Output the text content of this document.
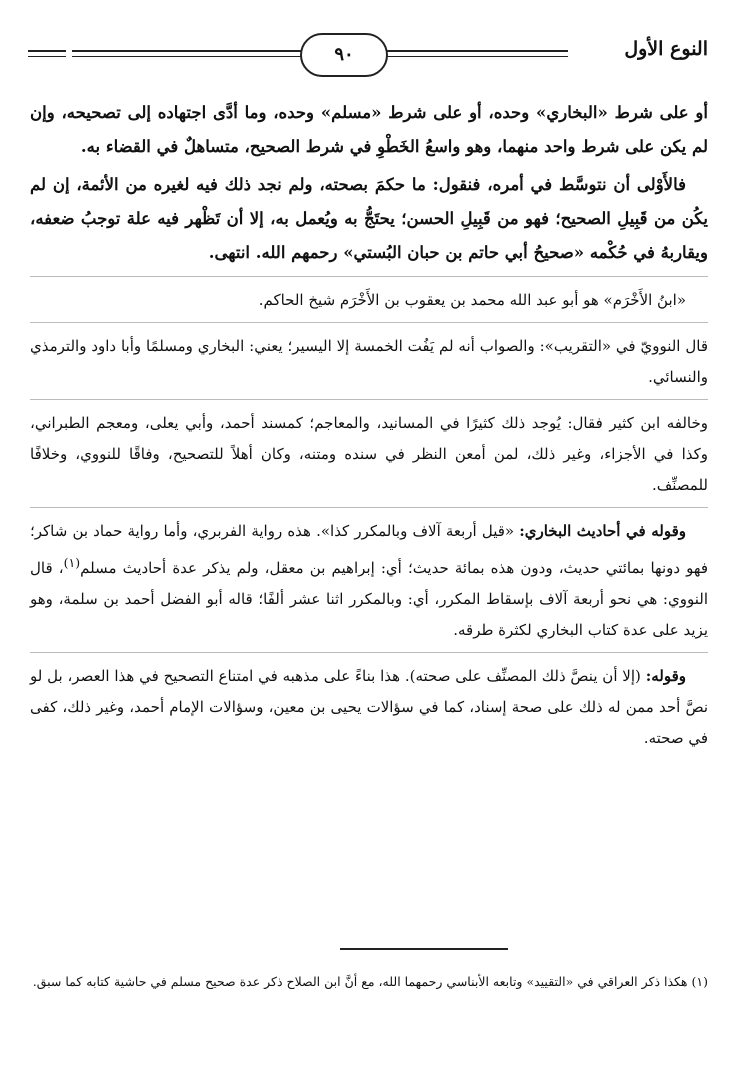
٩٠	النوع الأول

أو على شرط «البخاري» وحده، أو على شرط «مسلم» وحده، وما أدَّى اجتهاده إلى تصحيحه، وإن لم يكن على شرط واحد منهما، وهو واسعُ الخَطْوِ في شرط الصحيح، متساهلٌ في القضاء به.

فالأَوْلى أن نتوسَّط في أمره، فنقول: ما حكمَ بصحته، ولم نجد ذلك فيه لغيره من الأئمة، إن لم يكُن من قَبِيلِ الصحيح؛ فهو من قَبِيلِ الحسن؛ يحتَجُّ به ويُعمل به، إلا أن تَظْهر فيه علة توجبُ ضعفه، ويقاربهُ في حُكْمه «صحيحُ أبي حاتم بن حبان البُستي» رحمهم الله. انتهى.

«ابنُ الأَخْرَم» هو أبو عبد الله محمد بن يعقوب بن الأَخْرَم شيخ الحاكم.

قال النوويّ في «التقريب»: والصواب أنه لم يَفُت الخمسة إلا اليسير؛ يعني: البخاري ومسلمًا وأبا داود والترمذي والنسائي.

وخالفه ابن كثير فقال: يُوجد ذلك كثيرًا في المسانيد، والمعاجم؛ كمسند أحمد، وأبي يعلى، ومعجم الطبراني، وكذا في الأجزاء، وغير ذلك، لمن أمعن النظر في سنده ومتنه، وكان أهلاً للتصحيح، وفاقًا للنووي، وخلافًا للمصنِّف.

وقوله في أحاديث البخاري: «قيل أربعة آلاف وبالمكرر كذا». هذه رواية الفربري، وأما رواية حماد بن شاكر؛ فهو دونها بمائتي حديث، ودون هذه بمائة حديث؛ أي: إبراهيم بن معقل، ولم يذكر عدة أحاديث مسلم$^{(١)}$، قال النووي: هي نحو أربعة آلاف بإسقاط المكرر، أي: وبالمكرر اثنا عشر ألفًا؛ قاله أبو الفضل أحمد بن سلمة، وهو يزيد على عدة كتاب البخاري لكثرة طرقه.

وقوله: (إلا أن ينصَّ ذلك المصنِّف على صحته). هذا بناءً على مذهبه في امتناع التصحيح في هذا العصر، بل لو نصَّ أحد ممن له ذلك على صحة إسناد، كما في سؤالات يحيى بن معين، وسؤالات الإمام أحمد، وغير ذلك، كفى في صحته.

(١) هكذا ذكر العراقي في «التقييد» وتابعه الأبناسي رحمهما الله، مع أنَّ ابن الصلاح ذكر عدة صحيح مسلم في حاشية كتابه كما سبق.
